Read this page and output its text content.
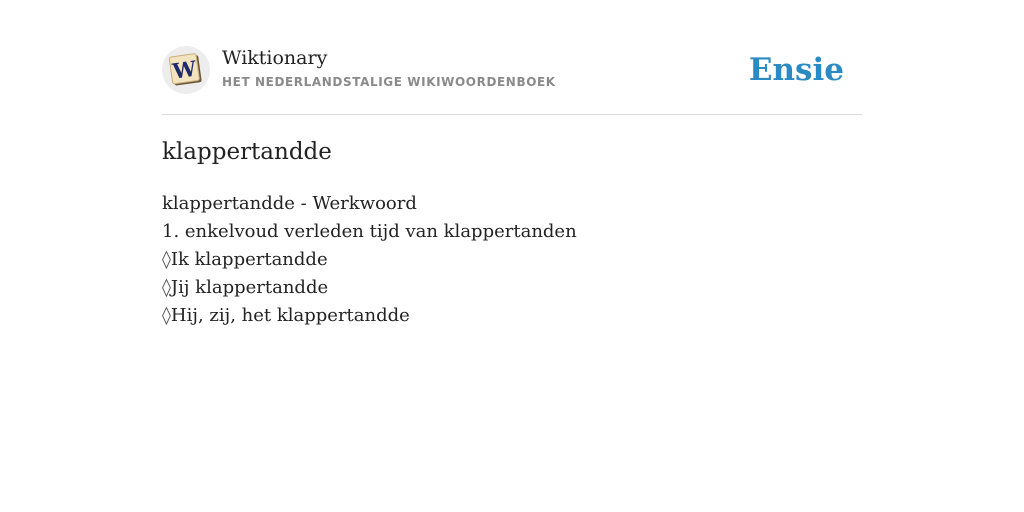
W Wiktionary
HET NEDERLANDSTALIGE WIKIWOORDENBOEK	Ensie
klappertandde
klappertandde - Werkwoord
1. enkelvoud verleden tijd van klappertanden
◊Ik klappertandde
◊Jij klappertandde
◊Hij, zij, het klappertandde
